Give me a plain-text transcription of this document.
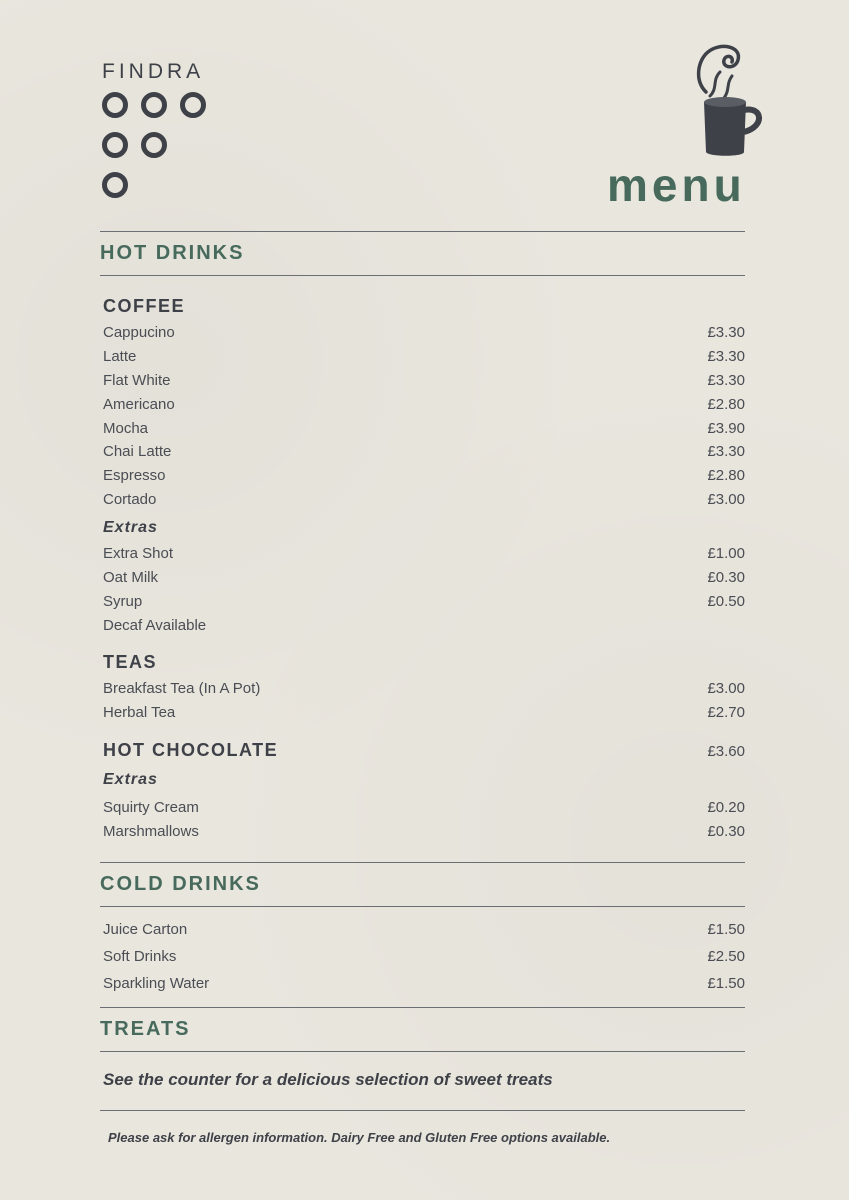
FINDRA
menu
HOT DRINKS
COFFEE
Cappucino	£3.30
Latte	£3.30
Flat White	£3.30
Americano	£2.80
Mocha	£3.90
Chai Latte	£3.30
Espresso	£2.80
Cortado	£3.00
Extras
Extra Shot	£1.00
Oat Milk	£0.30
Syrup	£0.50
Decaf Available
TEAS
Breakfast Tea (In A Pot)	£3.00
Herbal Tea	£2.70
HOT CHOCOLATE	£3.60
Extras
Squirty Cream	£0.20
Marshmallows	£0.30
COLD DRINKS
Juice Carton	£1.50
Soft Drinks	£2.50
Sparkling Water	£1.50
TREATS
See the counter for a delicious selection of sweet treats
Please ask for allergen information. Dairy Free and Gluten Free options available.
